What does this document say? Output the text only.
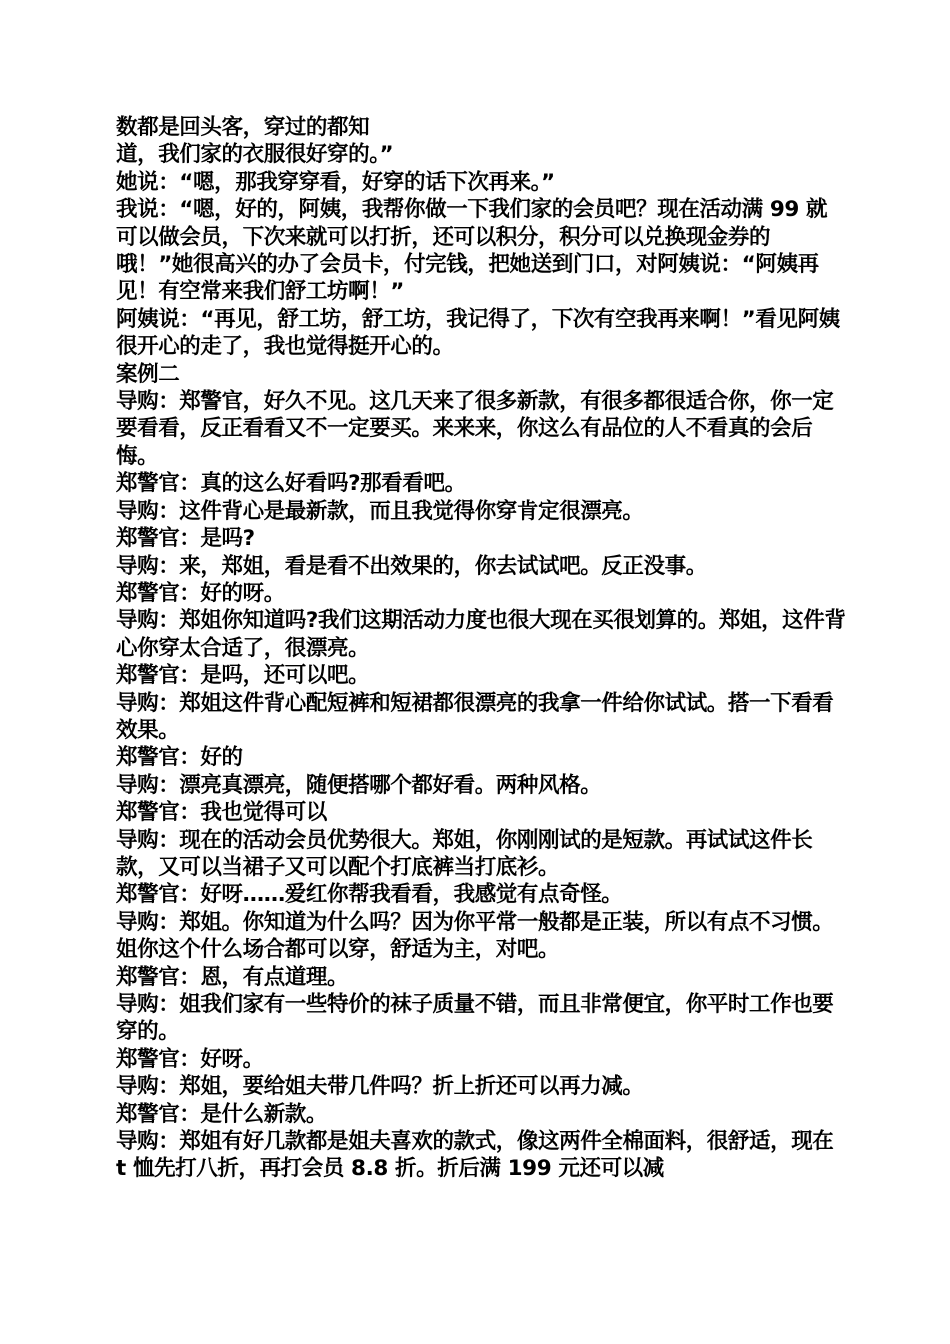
数都是回头客，穿过的都知

道，我们家的衣服很好穿的。”

她说：“嗯，那我穿穿看，好穿的话下次再来。”

我说：“嗯，好的，阿姨，我帮你做一下我们家的会员吧？现在活动满 99 就可以做会员，下次来就可以打折，还可以积分，积分可以兑换现金券的哦！”她很高兴的办了会员卡，付完钱，把她送到门口，对阿姨说：“阿姨再见！有空常来我们舒工坊啊！”

阿姨说：“再见，舒工坊，舒工坊，我记得了，下次有空我再来啊！”看见阿姨很开心的走了，我也觉得挺开心的。

案例二

导购：郑警官，好久不见。这几天来了很多新款，有很多都很适合你，你一定要看看，反正看看又不一定要买。来来来，你这么有品位的人不看真的会后悔。

郑警官：真的这么好看吗?那看看吧。

导购：这件背心是最新款，而且我觉得你穿肯定很漂亮。

郑警官：是吗?

导购：来，郑姐，看是看不出效果的，你去试试吧。反正没事。

郑警官：好的呀。

导购：郑姐你知道吗?我们这期活动力度也很大现在买很划算的。郑姐，这件背心你穿太合适了，很漂亮。

郑警官：是吗，还可以吧。

导购：郑姐这件背心配短裤和短裙都很漂亮的我拿一件给你试试。搭一下看看效果。

郑警官：好的

导购：漂亮真漂亮，随便搭哪个都好看。两种风格。

郑警官：我也觉得可以

导购：现在的活动会员优势很大。郑姐，你刚刚试的是短款。再试试这件长款，又可以当裙子又可以配个打底裤当打底衫。

郑警官：好呀……爱红你帮我看看，我感觉有点奇怪。

导购：郑姐。你知道为什么吗？因为你平常一般都是正装，所以有点不习惯。

姐你这个什么场合都可以穿，舒适为主，对吧。

郑警官：恩，有点道理。

导购：姐我们家有一些特价的袜子质量不错，而且非常便宜，你平时工作也要穿的。

郑警官：好呀。

导购：郑姐，要给姐夫带几件吗？折上折还可以再力减。

郑警官：是什么新款。

导购：郑姐有好几款都是姐夫喜欢的款式，像这两件全棉面料，很舒适，现在 t 恤先打八折，再打会员 8.8 折。折后满 199 元还可以减
